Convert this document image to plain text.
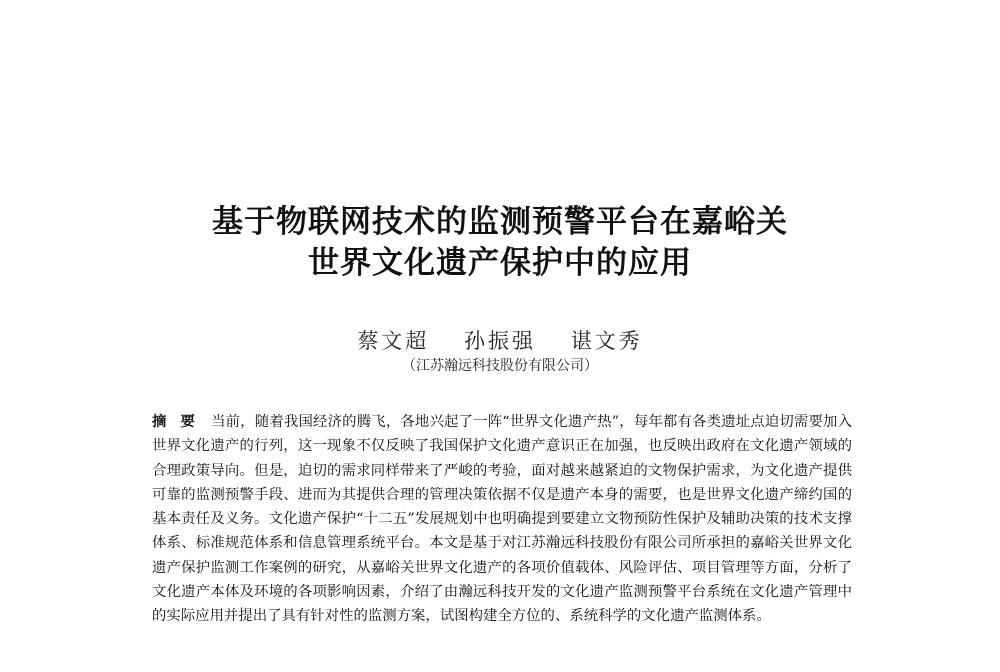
基于物联网技术的监测预警平台在嘉峪关
世界文化遗产保护中的应用
蔡文超 孙振强 谌文秀
（江苏瀚远科技股份有限公司）
摘要 当前，随着我国经济的腾飞，各地兴起了一阵“世界文化遗产热”，每年都有各类遗址点迫切需要加入世界文化遗产的行列，这一现象不仅反映了我国保护文化遗产意识正在加强，也反映出政府在文化遗产领域的合理政策导向。但是，迫切的需求同样带来了严峻的考验，面对越来越紧迫的文物保护需求，为文化遗产提供可靠的监测预警手段、进而为其提供合理的管理决策依据不仅是遗产本身的需要，也是世界文化遗产缔约国的基本责任及义务。文化遗产保护“十二五”发展规划中也明确提到要建立文物预防性保护及辅助决策的技术支撑体系、标准规范体系和信息管理系统平台。本文是基于对江苏瀚远科技股份有限公司所承担的嘉峪关世界文化遗产保护监测工作案例的研究，从嘉峪关世界文化遗产的各项价值载体、风险评估、项目管理等方面，分析了文化遗产本体及环境的各项影响因素，介绍了由瀚远科技开发的文化遗产监测预警平台系统在文化遗产管理中的实际应用并提出了具有针对性的监测方案，试图构建全方位的、系统科学的文化遗产监测体系。
